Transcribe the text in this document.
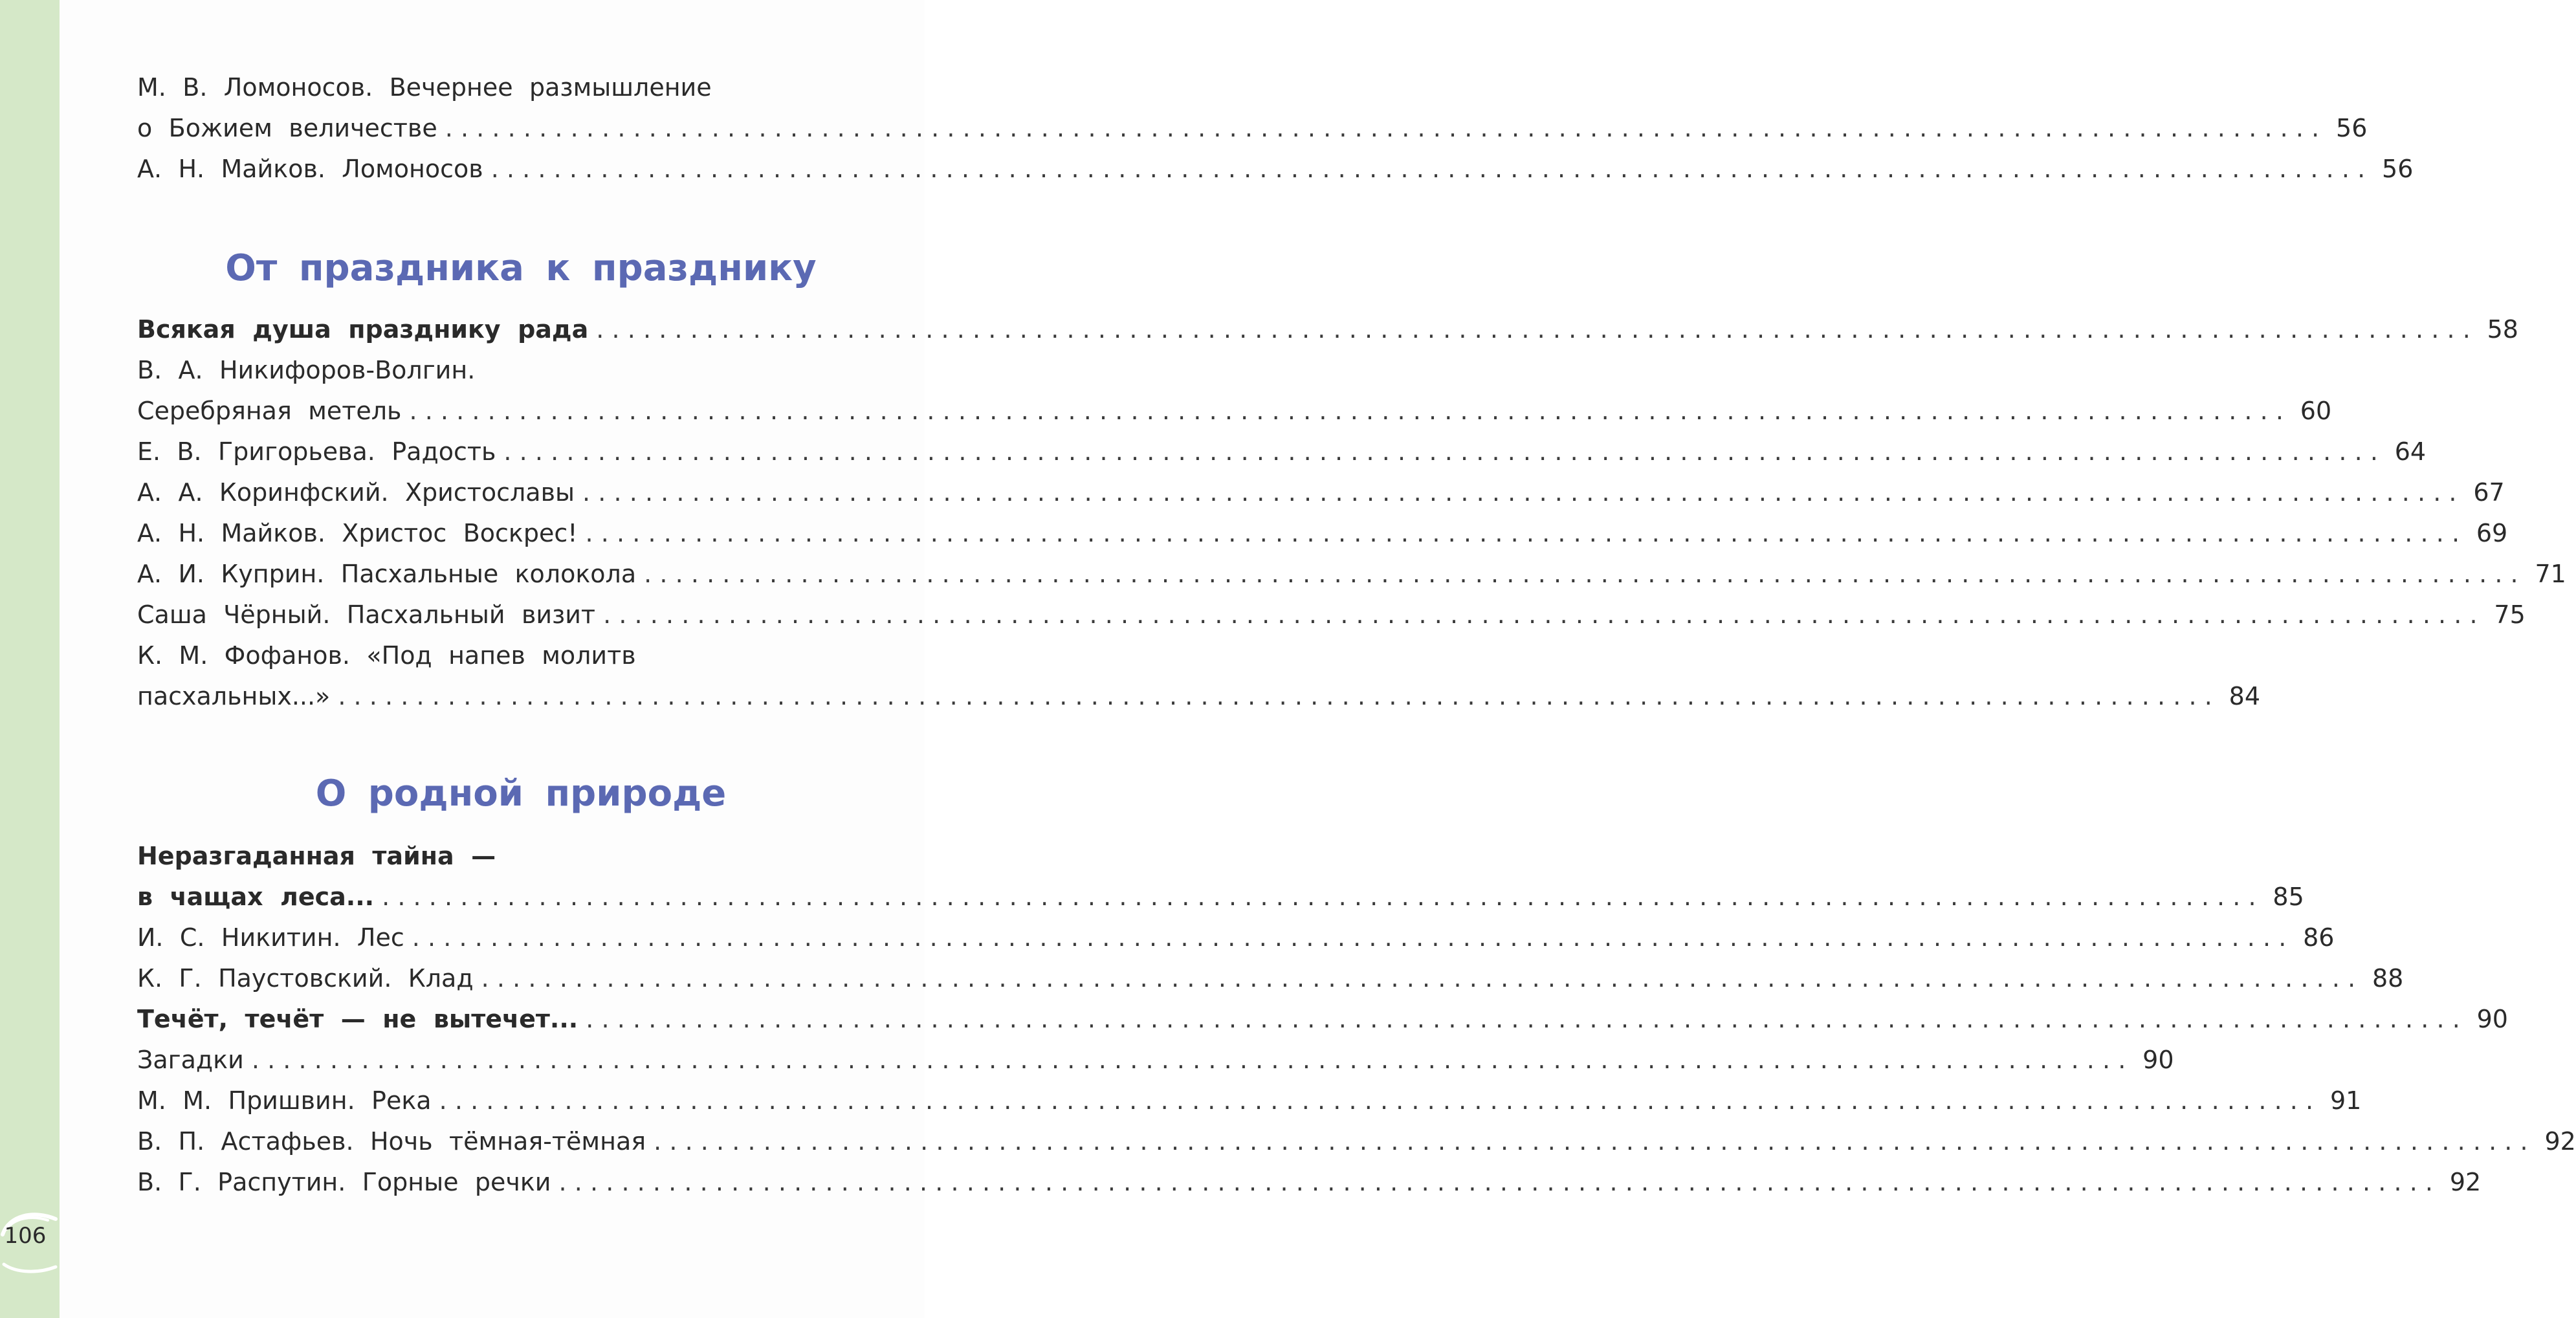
106
М. В. Ломоносов. Вечернее размышление
о Божием величестве ........................................................................................................................ 56
А. Н. Майков. Ломоносов ........................................................................................................................ 56
От праздника к празднику
Всякая душа празднику рада ........................................................................................................................ 58
В. А. Никифоров-Волгин.
Серебряная метель ........................................................................................................................ 60
Е. В. Григорьева. Радость ........................................................................................................................ 64
А. А. Коринфский. Христославы ........................................................................................................................ 67
А. Н. Майков. Христос Воскрес! ........................................................................................................................ 69
А. И. Куприн. Пасхальные колокола ........................................................................................................................ 71
Саша Чёрный. Пасхальный визит ........................................................................................................................ 75
К. М. Фофанов. «Под напев молитв
пасхальных...» ........................................................................................................................ 84
О родной природе
Неразгаданная тайна —
в чащах леса... ........................................................................................................................ 85
И. С. Никитин. Лес ........................................................................................................................ 86
К. Г. Паустовский. Клад ........................................................................................................................ 88
Течёт, течёт — не вытечет... ........................................................................................................................ 90
Загадки ........................................................................................................................ 90
М. М. Пришвин. Река ........................................................................................................................ 91
В. П. Астафьев. Ночь тёмная-тёмная ........................................................................................................................ 92
В. Г. Распутин. Горные речки ........................................................................................................................ 92
